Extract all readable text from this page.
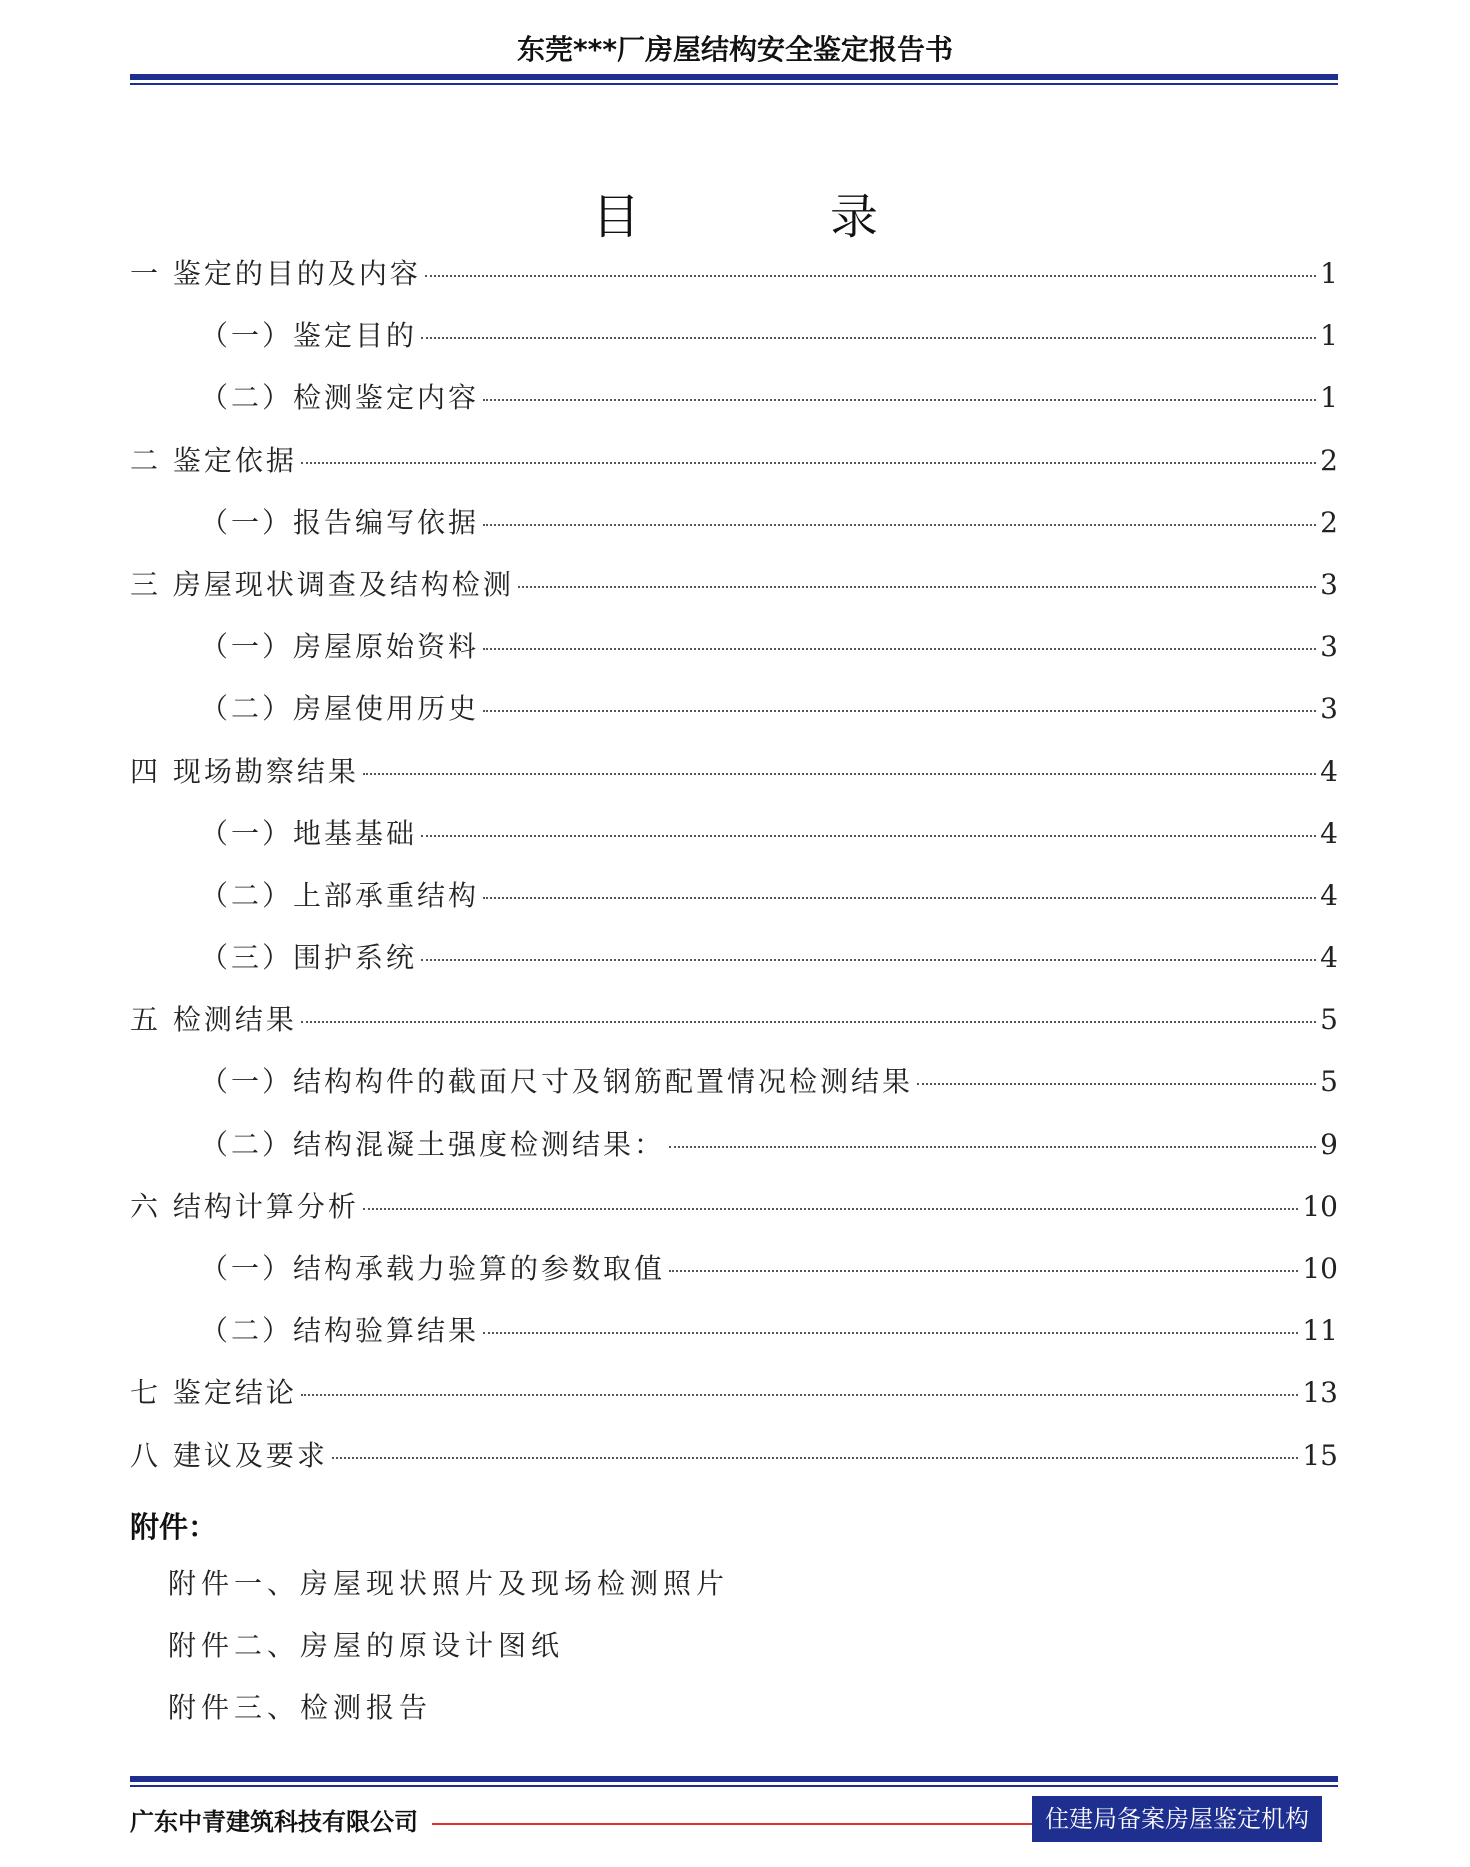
东莞***厂房屋结构安全鉴定报告书
目录
一 鉴定的目的及内容	1
（一）鉴定目的	1
（二）检测鉴定内容	1
二 鉴定依据	2
（一）报告编写依据	2
三 房屋现状调查及结构检测	3
（一）房屋原始资料	3
（二）房屋使用历史	3
四 现场勘察结果	4
（一）地基基础	4
（二）上部承重结构	4
（三）围护系统	4
五 检测结果	5
（一）结构构件的截面尺寸及钢筋配置情况检测结果	5
（二）结构混凝土强度检测结果：	9
六 结构计算分析	10
（一）结构承载力验算的参数取值	10
（二）结构验算结果	11
七 鉴定结论	13
八 建议及要求	15
附件：
附件一、房屋现状照片及现场检测照片
附件二、房屋的原设计图纸
附件三、检测报告
广东中青建筑科技有限公司	住建局备案房屋鉴定机构
